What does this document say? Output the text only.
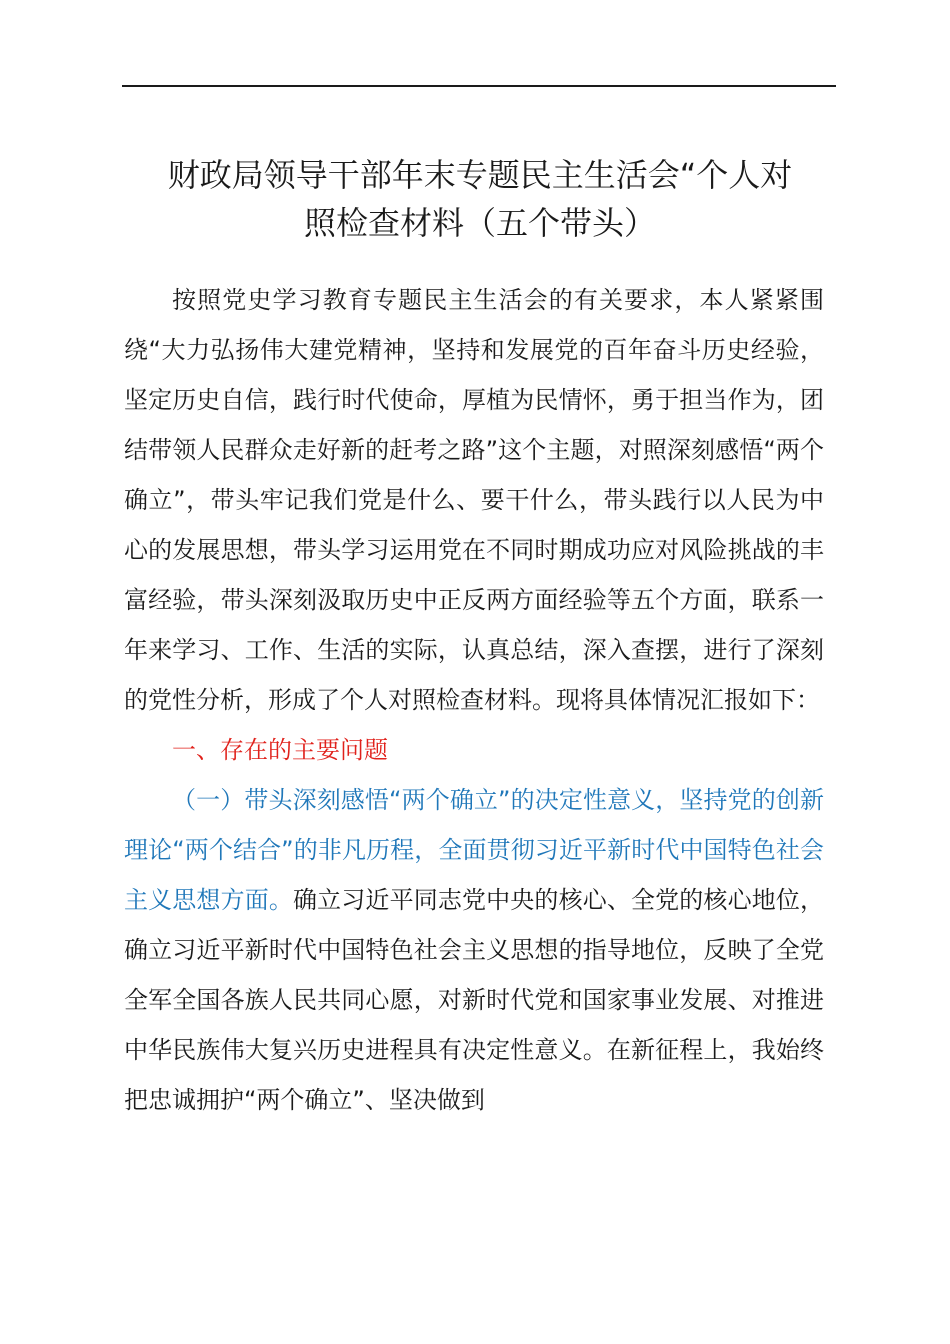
财政局领导干部年末专题民主生活会“个人对
照检查材料（五个带头）

按照党史学习教育专题民主生活会的有关要求，本人紧紧围绕“大力弘扬伟大建党精神，坚持和发展党的百年奋斗历史经验，坚定历史自信，践行时代使命，厚植为民情怀，勇于担当作为，团结带领人民群众走好新的赶考之路”这个主题，对照深刻感悟“两个确立”，带头牢记我们党是什么、要干什么，带头践行以人民为中心的发展思想，带头学习运用党在不同时期成功应对风险挑战的丰富经验，带头深刻汲取历史中正反两方面经验等五个方面，联系一年来学习、工作、生活的实际，认真总结，深入查摆，进行了深刻的党性分析，形成了个人对照检查材料。现将具体情况汇报如下：

一、存在的主要问题

（一）带头深刻感悟“两个确立”的决定性意义，坚持党的创新理论“两个结合”的非凡历程，全面贯彻习近平新时代中国特色社会主义思想方面。确立习近平同志党中央的核心、全党的核心地位，确立习近平新时代中国特色社会主义思想的指导地位，反映了全党全军全国各族人民共同心愿，对新时代党和国家事业发展、对推进中华民族伟大复兴历史进程具有决定性意义。在新征程上，我始终把忠诚拥护“两个确立”、坚决做到
